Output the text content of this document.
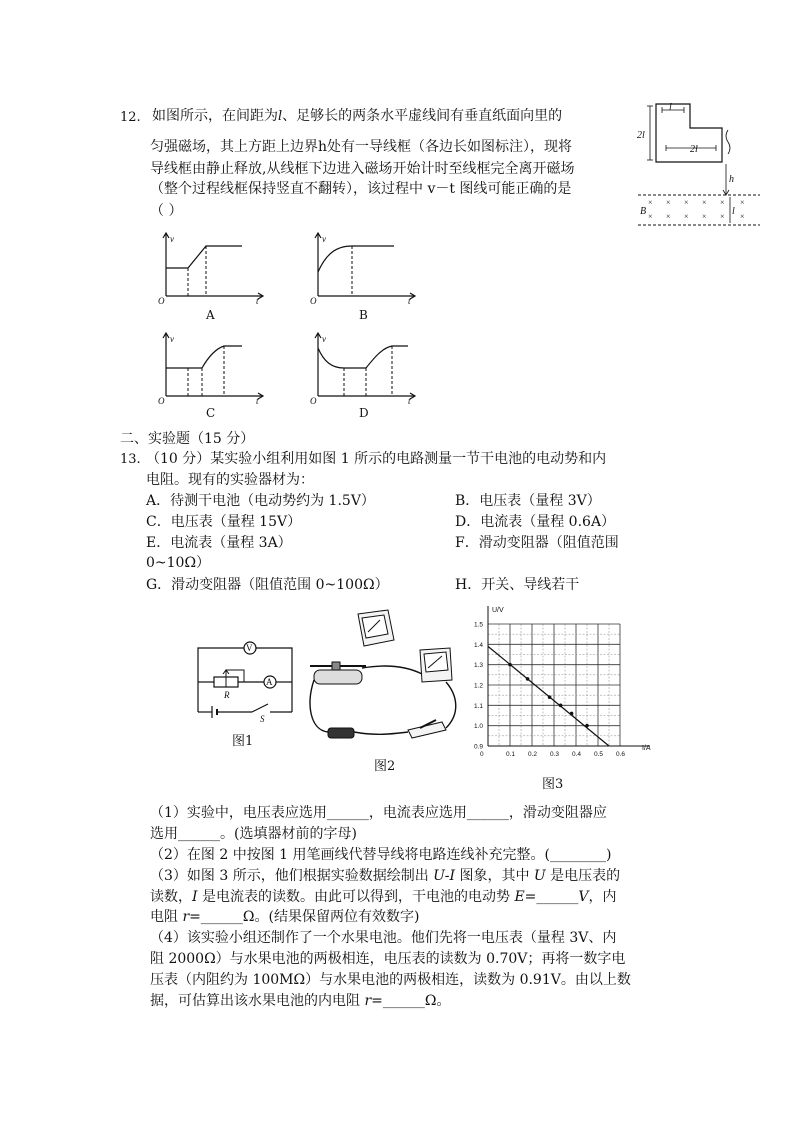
12. 如图所示，在间距为l、足够长的两条水平虚线间有垂直纸面向里的
匀强磁场，其上方距上边界h处有一导线框（各边长如图标注），现将
导线框由静止释放,从线框下边进入磁场开始计时至线框完全离开磁场
（整个过程线框保持竖直不翻转），该过程中 v－t 图线可能正确的是
（ ）
l
2l
2l
h
B	l
× × × × × ×
× × × × × ×
v
t
O
A
v
t
O
B
v
t
O
C
v
t
O
D
二、实验题（15 分）
13. （10 分）某实验小组利用如图 1 所示的电路测量一节干电池的电动势和内
电阻。现有的实验器材为：
A．待测干电池（电动势约为 1.5V）	B．电压表（量程 3V）
C．电压表（量程 15V）	D．电流表（量程 0.6A）
E．电流表（量程 3A）	F．滑动变阻器（阻值范围
0~10Ω）
G．滑动变阻器（阻值范围 0~100Ω）	H．开关、导线若干
V
A
R
S
图1
图2
1.5
1.4
1.3
1.2
1.1
1.0
0.9
0	0.1 0.2 0.3 0.4 0.5 0.6
U/V
I/A
图3
（1）实验中，电压表应选用______，电流表应选用______，滑动变阻器应
选用______。(选填器材前的字母)
（2）在图 2 中按图 1 用笔画线代替导线将电路连线补充完整。(________)
（3）如图 3 所示，他们根据实验数据绘制出 U-I 图象，其中 U 是电压表的
读数，I 是电流表的读数。由此可以得到，干电池的电动势 E=______V，内
电阻 r=______Ω。(结果保留两位有效数字)
（4）该实验小组还制作了一个水果电池。他们先将一电压表（量程 3V、内
阻 2000Ω）与水果电池的两极相连，电压表的读数为 0.70V；再将一数字电
压表（内阻约为 100MΩ）与水果电池的两极相连，读数为 0.91V。由以上数
据，可估算出该水果电池的内电阻 r=______Ω。
